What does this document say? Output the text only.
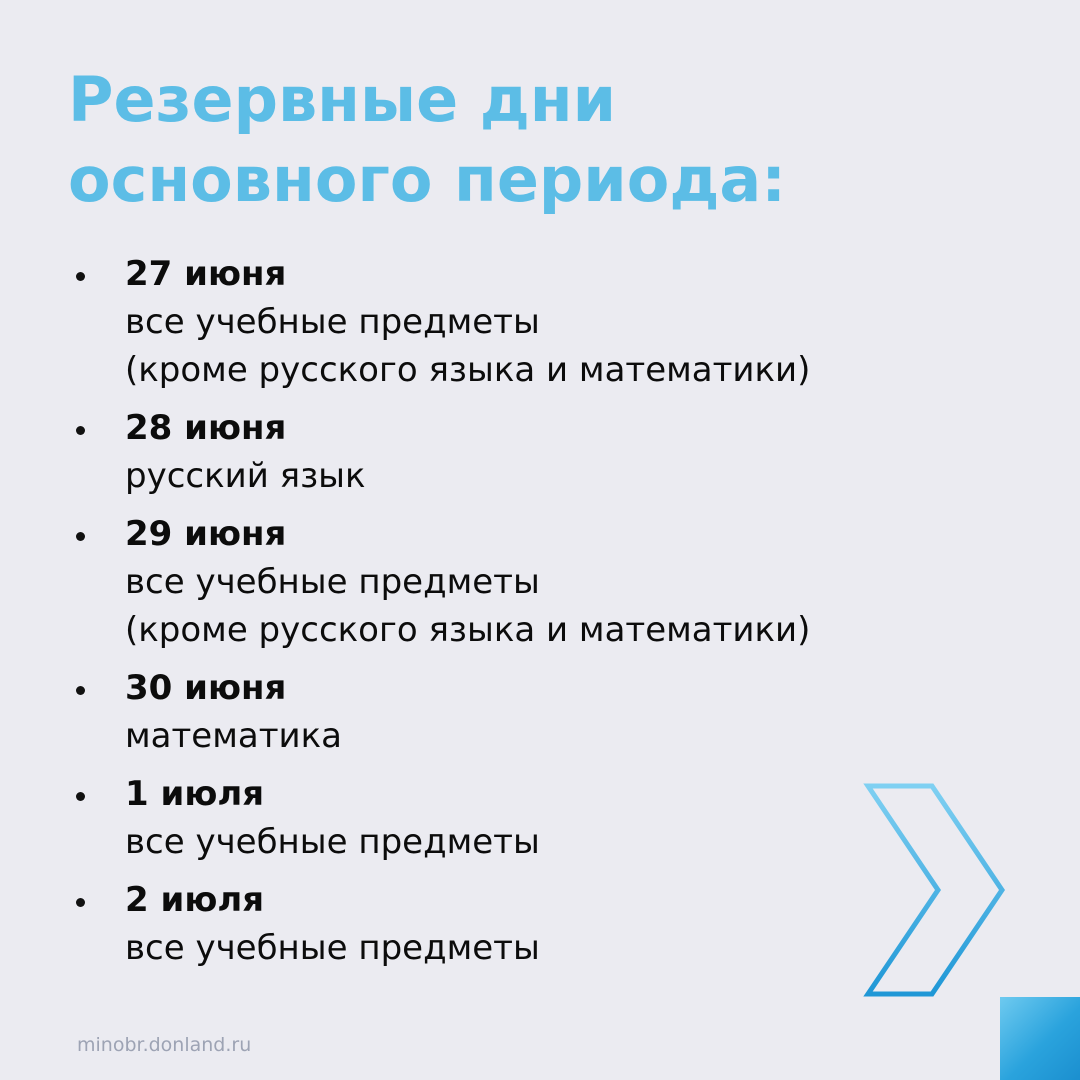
Резервные дни
основного периода:
27 июня
все учебные предметы
(кроме русского языка и математики)
28 июня
русский язык
29 июня
все учебные предметы
(кроме русского языка и математики)
30 июня
математика
1 июля
все учебные предметы
2 июля
все учебные предметы
minobr.donland.ru
